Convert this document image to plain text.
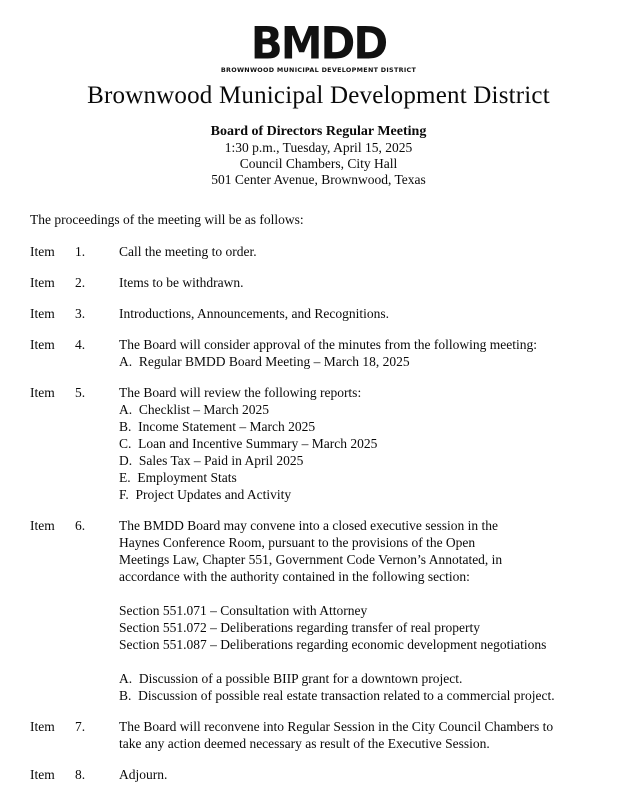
BMDD
BROWNWOOD MUNICIPAL DEVELOPMENT DISTRICT
Brownwood Municipal Development District
Board of Directors Regular Meeting
1:30 p.m., Tuesday, April 15, 2025
Council Chambers, City Hall
501 Center Avenue, Brownwood, Texas

The proceedings of the meeting will be as follows:

Item	1.	Call the meeting to order.
Item	2.	Items to be withdrawn.
Item	3.	Introductions, Announcements, and Recognitions.
Item	4.	The Board will consider approval of the minutes from the following meeting:
A.  Regular BMDD Board Meeting – March 18, 2025
Item	5.	The Board will review the following reports:
A.  Checklist – March 2025
B.  Income Statement – March 2025
C.  Loan and Incentive Summary – March 2025
D.  Sales Tax – Paid in April 2025
E.  Employment Stats
F.  Project Updates and Activity
Item	6.	The BMDD Board may convene into a closed executive session in the
Haynes Conference Room, pursuant to the provisions of the Open
Meetings Law, Chapter 551, Government Code Vernon’s Annotated, in
accordance with the authority contained in the following section:

Section 551.071 – Consultation with Attorney
Section 551.072 – Deliberations regarding transfer of real property
Section 551.087 – Deliberations regarding economic development negotiations

A.  Discussion of a possible BIIP grant for a downtown project.
B.  Discussion of possible real estate transaction related to a commercial project.
Item	7.	The Board will reconvene into Regular Session in the City Council Chambers to
take any action deemed necessary as result of the Executive Session.
Item	8.	Adjourn.
